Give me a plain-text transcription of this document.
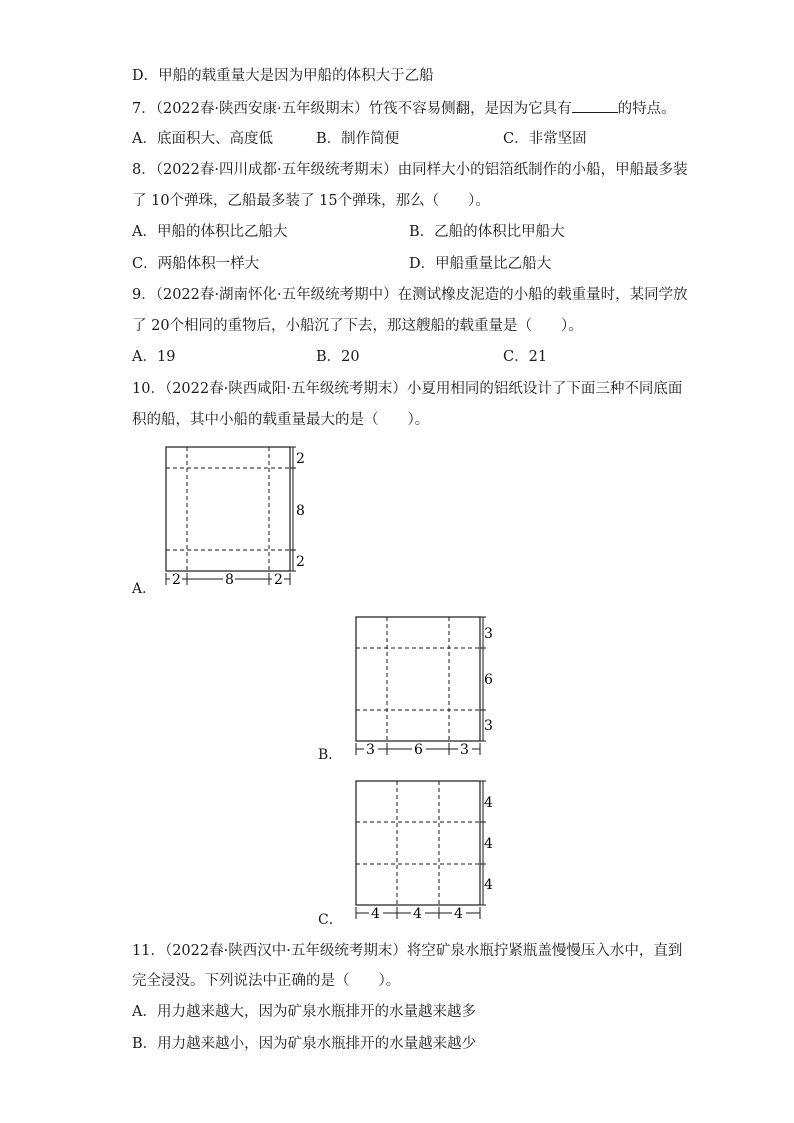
D．甲船的载重量大是因为甲船的体积大于乙船
7．（2022春·陕西安康·五年级期末）竹筏不容易侧翻，是因为它具有	的特点。
A．底面积大、高度低	B．制作简便	C．非常坚固
8．（2022春·四川成都·五年级统考期末）由同样大小的铝箔纸制作的小船，甲船最多装
了 10个弹珠，乙船最多装了 15个弹珠，那么（　　）。
A．甲船的体积比乙船大	B．乙船的体积比甲船大
C．两船体积一样大	D．甲船重量比乙船大
9．（2022春·湖南怀化·五年级统考期中）在测试橡皮泥造的小船的载重量时，某同学放
了 20个相同的重物后，小船沉了下去，那这艘船的载重量是（　　）。
A．19	B．20	C．21
10．（2022春·陕西咸阳·五年级统考期末）小夏用相同的铝纸设计了下面三种不同底面
积的船，其中小船的载重量最大的是（　　）。
2
8
2
2	8	2
A．
3
6
3
3	6	3
B．
4
4
4
4 4 4
C．
11．（2022春·陕西汉中·五年级统考期末）将空矿泉水瓶拧紧瓶盖慢慢压入水中，直到
完全浸没。下列说法中正确的是（　　）。
A．用力越来越大，因为矿泉水瓶排开的水量越来越多
B．用力越来越小，因为矿泉水瓶排开的水量越来越少
